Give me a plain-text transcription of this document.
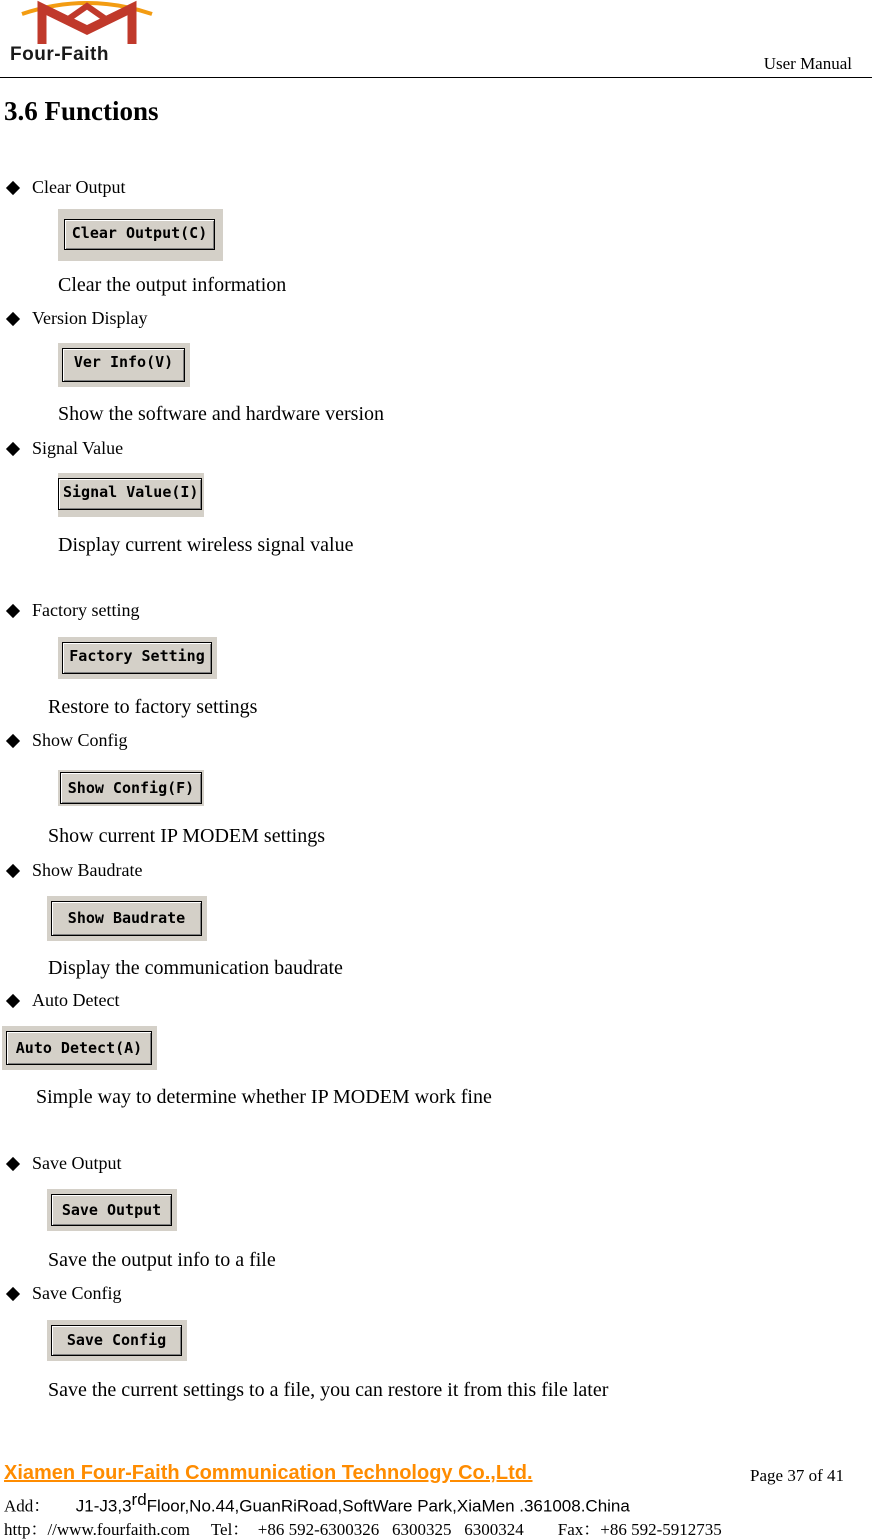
Four-Faith	User Manual
3.6 Functions
Clear Output
Clear Output(C)
Clear the output information
Version Display
Ver Info(V)
Show the software and hardware version
Signal Value
Signal Value(I)
Display current wireless signal value
Factory setting
Factory Setting
Restore to factory settings
Show Config
Show Config(F)
Show current IP MODEM settings
Show Baudrate
Show Baudrate
Display the communication baudrate
Auto Detect
Auto Detect(A)
Simple way to determine whether IP MODEM work fine
Save Output
Save Output
Save the output info to a file
Save Config
Save Config
Save the current settings to a file, you can restore it from this file later
Xiamen Four-Faith Communication Technology Co.,Ltd.	Page 37 of 41
Add： J1-J3,3rdFloor,No.44,GuanRiRoad,SoftWare Park,XiaMen .361008.China
http：//www.fourfaith.com Tel：  +86 592-6300326   6300325   6300324 Fax：+86 592-5912735
